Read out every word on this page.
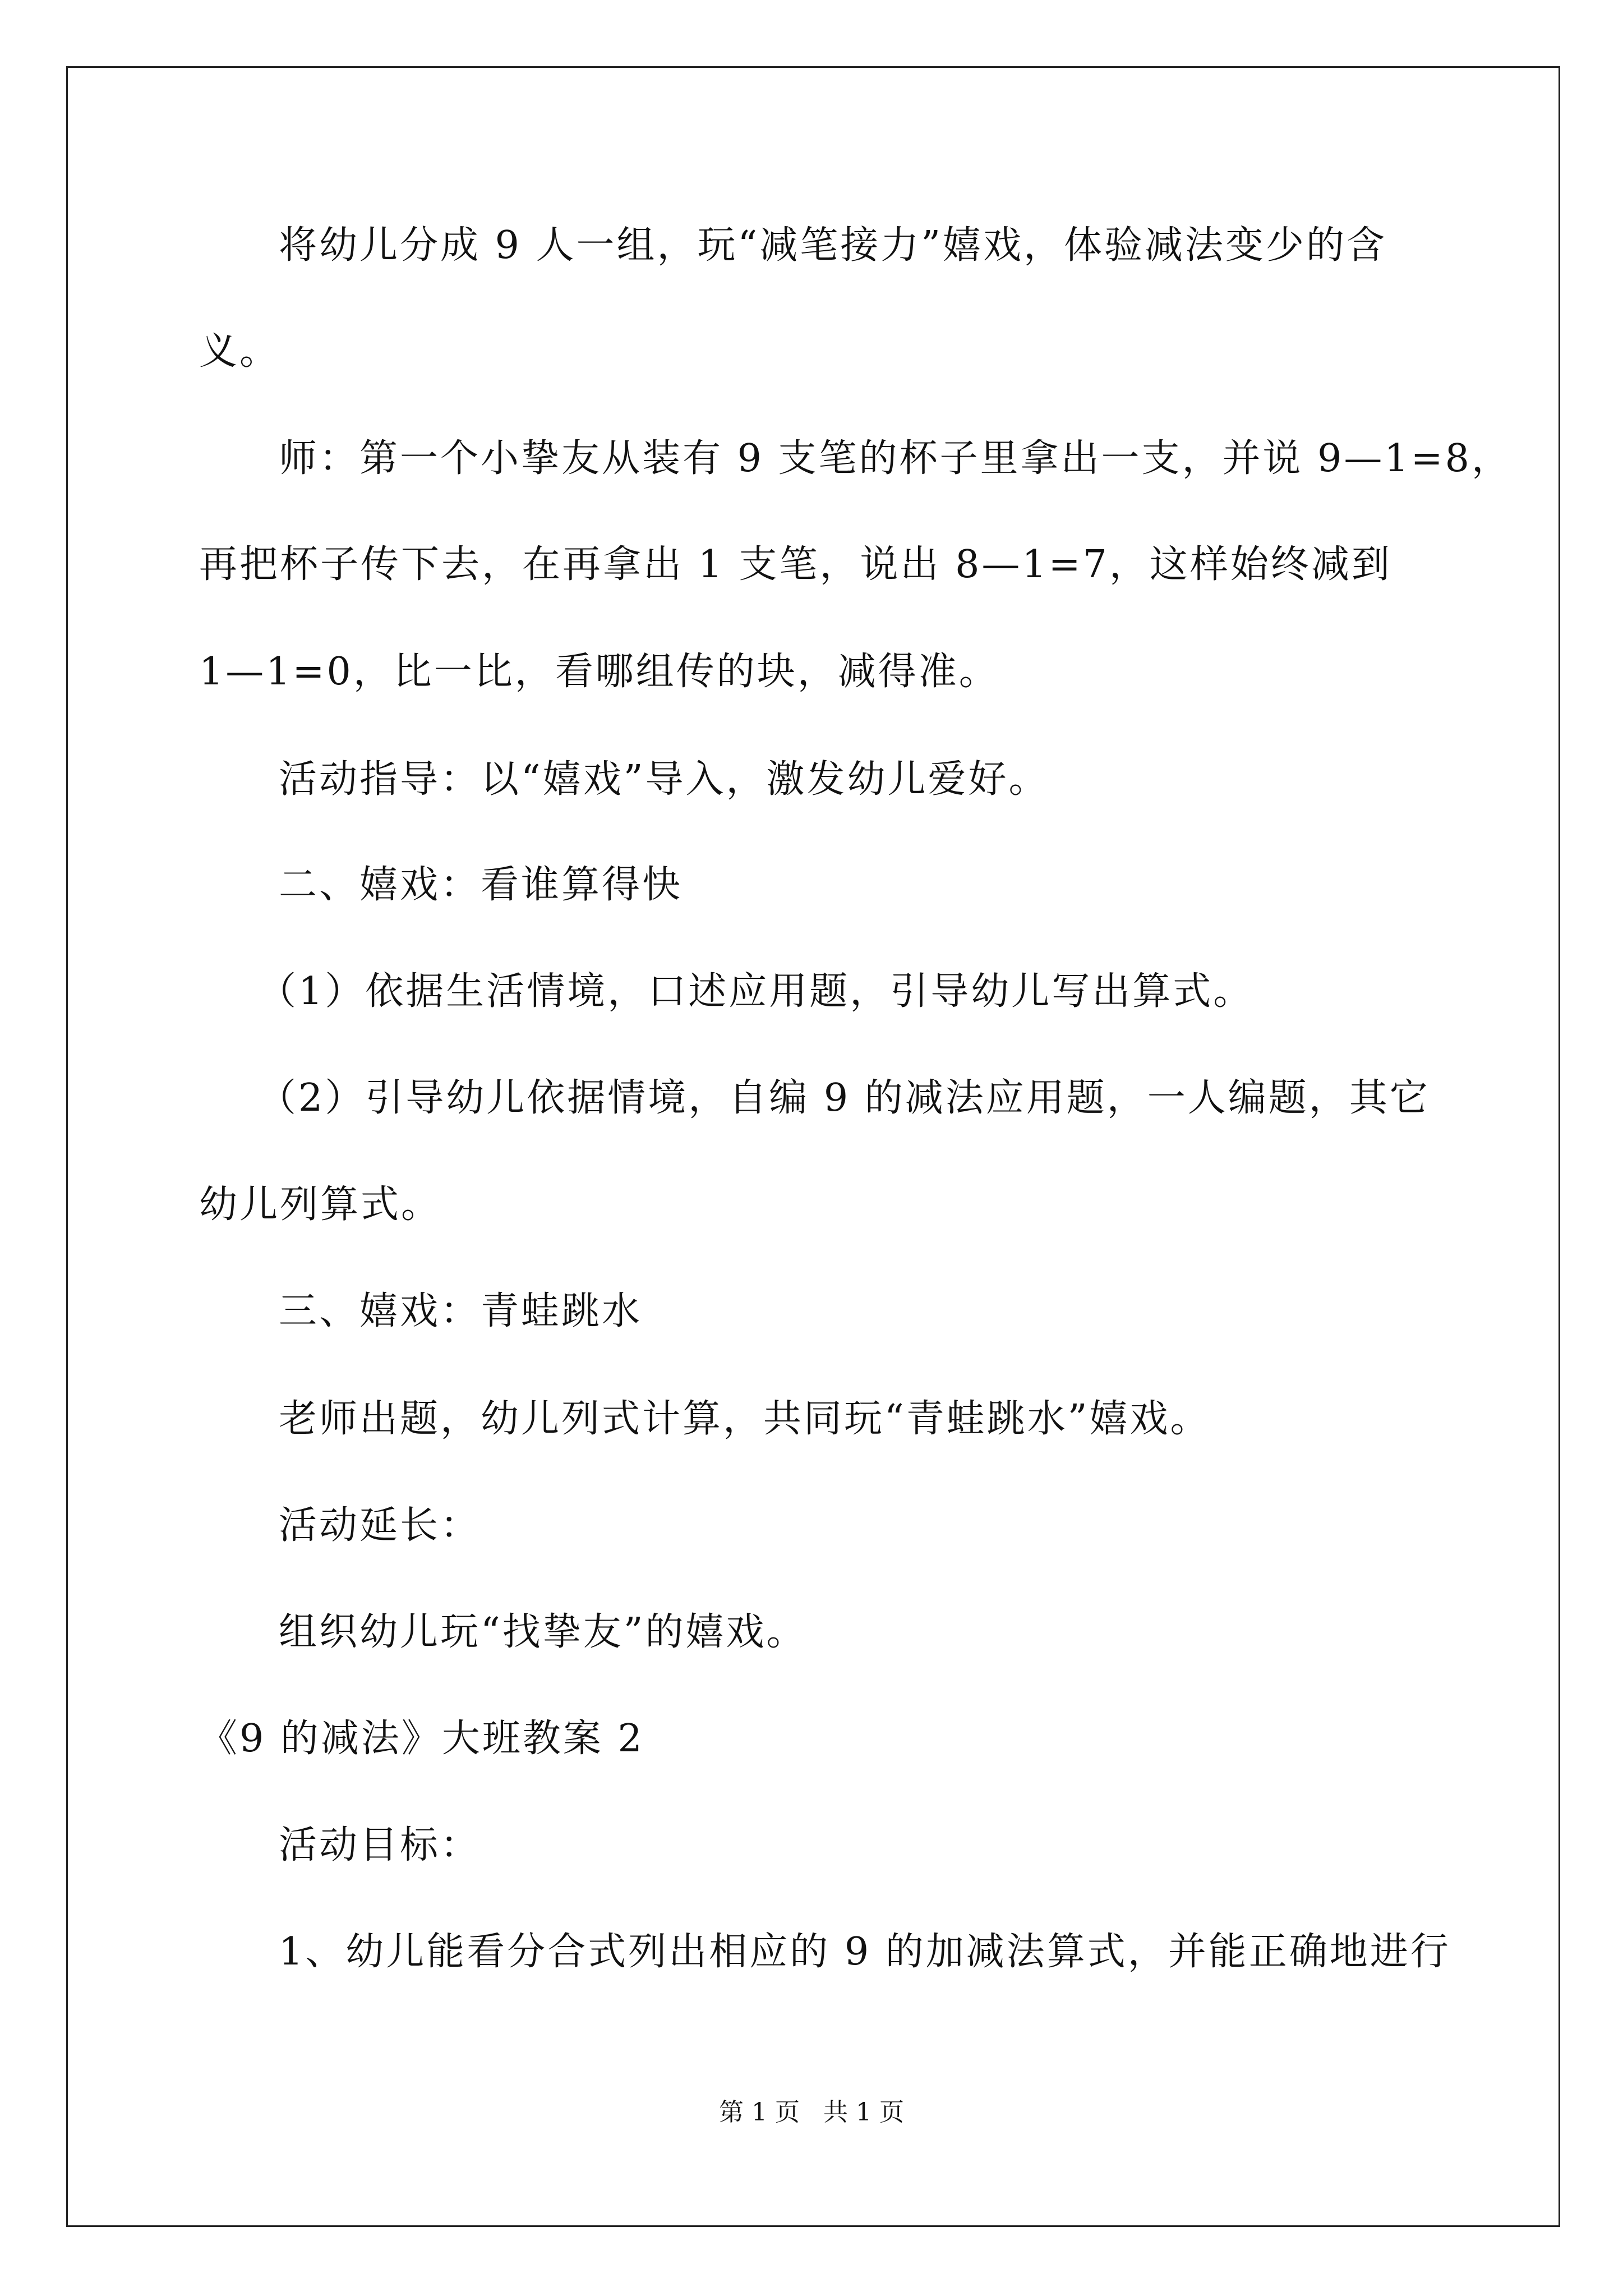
将幼儿分成 9 人一组，玩“减笔接力”嬉戏，体验减法变少的含
义。
师：第一个小挚友从装有 9 支笔的杯子里拿出一支，并说 9—1=8，
再把杯子传下去，在再拿出 1 支笔，说出 8—1=7，这样始终减到
1—1=0，比一比，看哪组传的块，减得准。
活动指导：以“嬉戏”导入，激发幼儿爱好。
二、嬉戏：看谁算得快
（1）依据生活情境，口述应用题，引导幼儿写出算式。
（2）引导幼儿依据情境，自编 9 的减法应用题，一人编题，其它
幼儿列算式。
三、嬉戏：青蛙跳水
老师出题，幼儿列式计算，共同玩“青蛙跳水”嬉戏。
活动延长：
组织幼儿玩“找挚友”的嬉戏。
《9 的减法》大班教案 2
活动目标：
1、幼儿能看分合式列出相应的 9 的加减法算式，并能正确地进行
第 1 页   共 1 页
